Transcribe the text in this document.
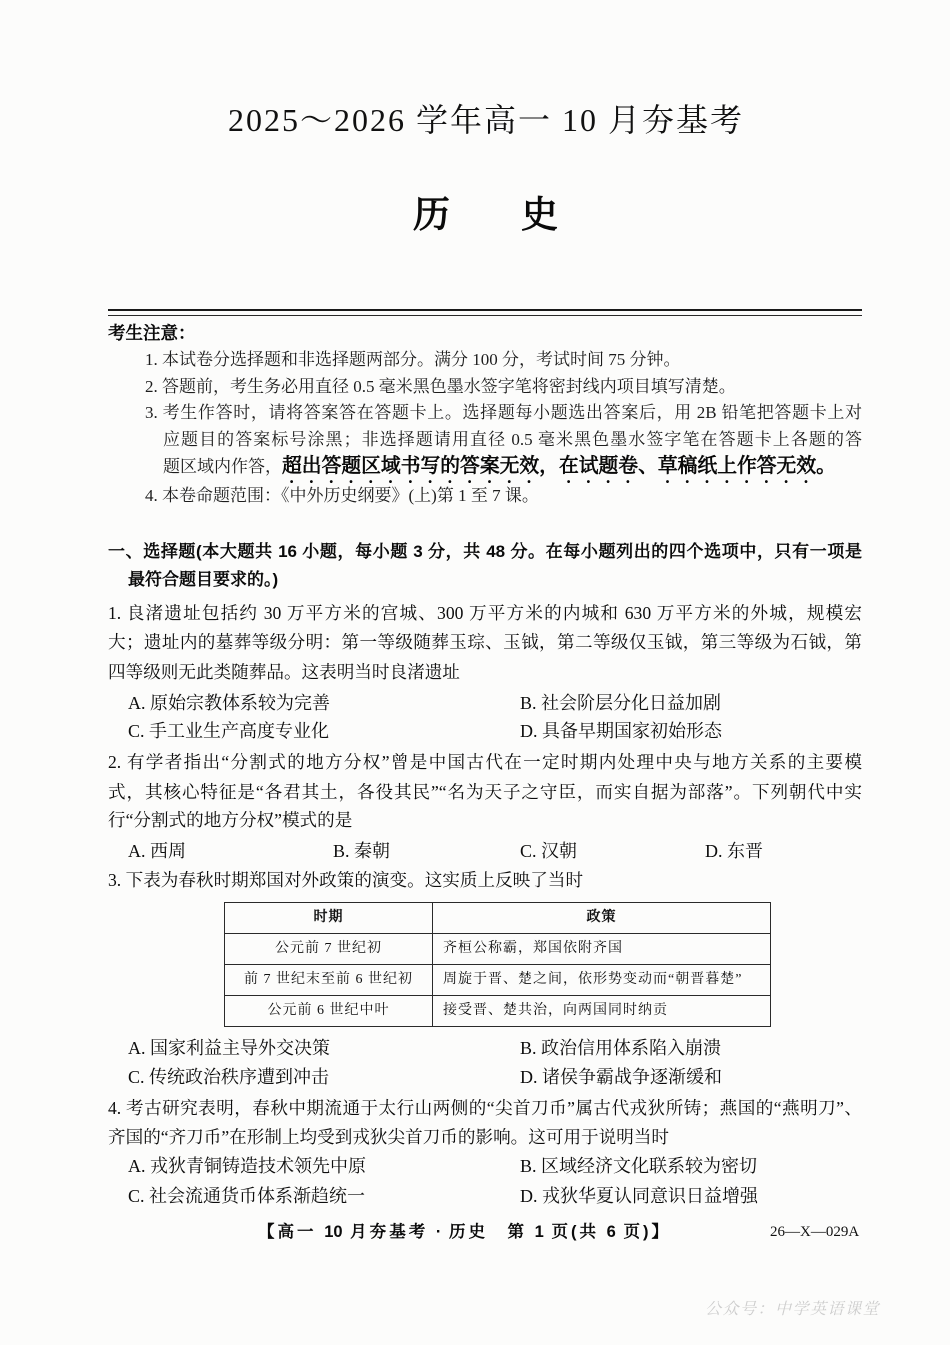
2025～2026 学年高一 10 月夯基考
历史
考生注意：
1. 本试卷分选择题和非选择题两部分。满分 100 分，考试时间 75 分钟。
2. 答题前，考生务必用直径 0.5 毫米黑色墨水签字笔将密封线内项目填写清楚。
3. 考生作答时，请将答案答在答题卡上。选择题每小题选出答案后，用 2B 铅笔把答题卡上对
应题目的答案标号涂黑；非选择题请用直径 0.5 毫米黑色墨水签字笔在答题卡上各题的答
题区域内作答，超出答题区域书写的答案无效，在试题卷、草稿纸上作答无效。
4. 本卷命题范围：《中外历史纲要》(上)第 1 至 7 课。
一、选择题(本大题共 16 小题，每小题 3 分，共 48 分。在每小题列出的四个选项中，只有一项是
最符合题目要求的。)
1. 良渚遗址包括约 30 万平方米的宫城、300 万平方米的内城和 630 万平方米的外城，规模宏
大；遗址内的墓葬等级分明：第一等级随葬玉琮、玉钺，第二等级仅玉钺，第三等级为石钺，第
四等级则无此类随葬品。这表明当时良渚遗址
A. 原始宗教体系较为完善	B. 社会阶层分化日益加剧
C. 手工业生产高度专业化	D. 具备早期国家初始形态
2. 有学者指出“分割式的地方分权”曾是中国古代在一定时期内处理中央与地方关系的主要模
式，其核心特征是“各君其土，各役其民”“名为天子之守臣，而实自据为部落”。下列朝代中实
行“分割式的地方分权”模式的是
A. 西周	B. 秦朝	C. 汉朝	D. 东晋
3. 下表为春秋时期郑国对外政策的演变。这实质上反映了当时
时期	政策
公元前 7 世纪初	齐桓公称霸，郑国依附齐国
前 7 世纪末至前 6 世纪初	周旋于晋、楚之间，依形势变动而“朝晋暮楚”
公元前 6 世纪中叶	接受晋、楚共治，向两国同时纳贡
A. 国家利益主导外交决策	B. 政治信用体系陷入崩溃
C. 传统政治秩序遭到冲击	D. 诸侯争霸战争逐渐缓和
4. 考古研究表明，春秋中期流通于太行山两侧的“尖首刀币”属古代戎狄所铸；燕国的“燕明刀”、
齐国的“齐刀币”在形制上均受到戎狄尖首刀币的影响。这可用于说明当时
A. 戎狄青铜铸造技术领先中原	B. 区域经济文化联系较为密切
C. 社会流通货币体系渐趋统一	D. 戎狄华夏认同意识日益增强
【高一 10 月夯基考 · 历史　第 1 页(共 6 页)】	26—X—029A
公众号：中学英语课堂
